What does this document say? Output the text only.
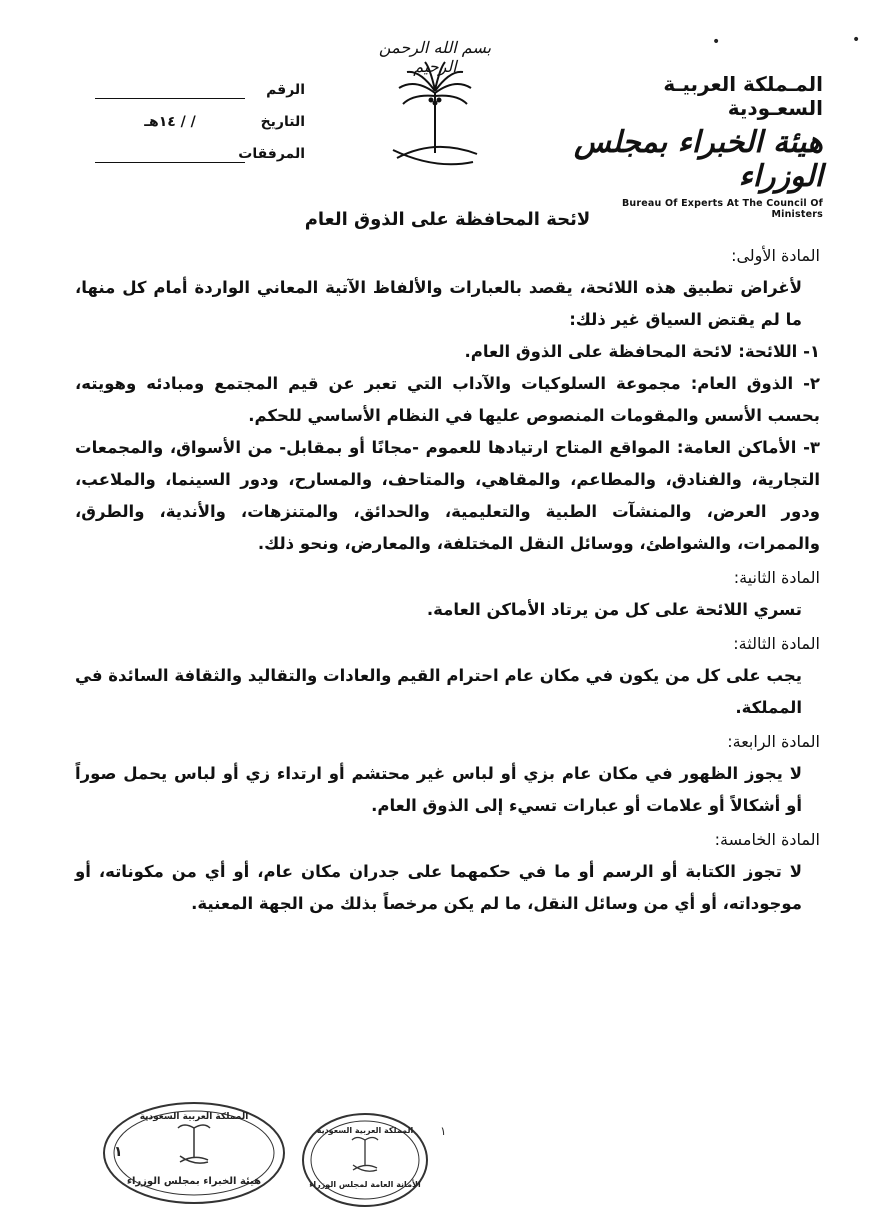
المـملكة العربيـة السعـودية
هيئة الخبراء بمجلس الوزراء
Bureau Of Experts At The Council Of Ministers
بسم الله الرحمن الرحيم
الرقم
التاريخ
/ / ١٤هـ
المرفقات
•	•
لائحة المحافظة على الذوق العام
المادة الأولى:
لأغراض تطبيق هذه اللائحة، يقصد بالعبارات والألفاظ الآتية المعاني الواردة أمام كل منها، ما لم يقتض السياق غير ذلك:
١- اللائحة: لائحة المحافظة على الذوق العام.
٢- الذوق العام: مجموعة السلوكيات والآداب التي تعبر عن قيم المجتمع ومبادئه وهويته، بحسب الأسس والمقومات المنصوص عليها في النظام الأساسي للحكم.
٣- الأماكن العامة: المواقع المتاح ارتيادها للعموم -مجانًا أو بمقابل- من الأسواق، والمجمعات التجارية، والفنادق، والمطاعم، والمقاهي، والمتاحف، والمسارح، ودور السينما، والملاعب، ودور العرض، والمنشآت الطبية والتعليمية، والحدائق، والمتنزهات، والأندية، والطرق، والممرات، والشواطئ، ووسائل النقل المختلفة، والمعارض، ونحو ذلك.
المادة الثانية:
تسري اللائحة على كل من يرتاد الأماكن العامة.
المادة الثالثة:
يجب على كل من يكون في مكان عام احترام القيم والعادات والتقاليد والثقافة السائدة في المملكة.
المادة الرابعة:
لا يجوز الظهور في مكان عام بزي أو لباس غير محتشم أو ارتداء زي أو لباس يحمل صوراً أو أشكالاً أو علامات أو عبارات تسيء إلى الذوق العام.
المادة الخامسة:
لا تجوز الكتابة أو الرسم أو ما في حكمهما على جدران مكان عام، أو أي من مكوناته، أو موجوداته، أو أي من وسائل النقل، ما لم يكن مرخصاً بذلك من الجهة المعنية.
المملكة العربية السعودية
هيئة الخبراء بمجلس الوزراء
١
المملكة العربية السعودية
الأمانة العامة لمجلس الوزراء
١
